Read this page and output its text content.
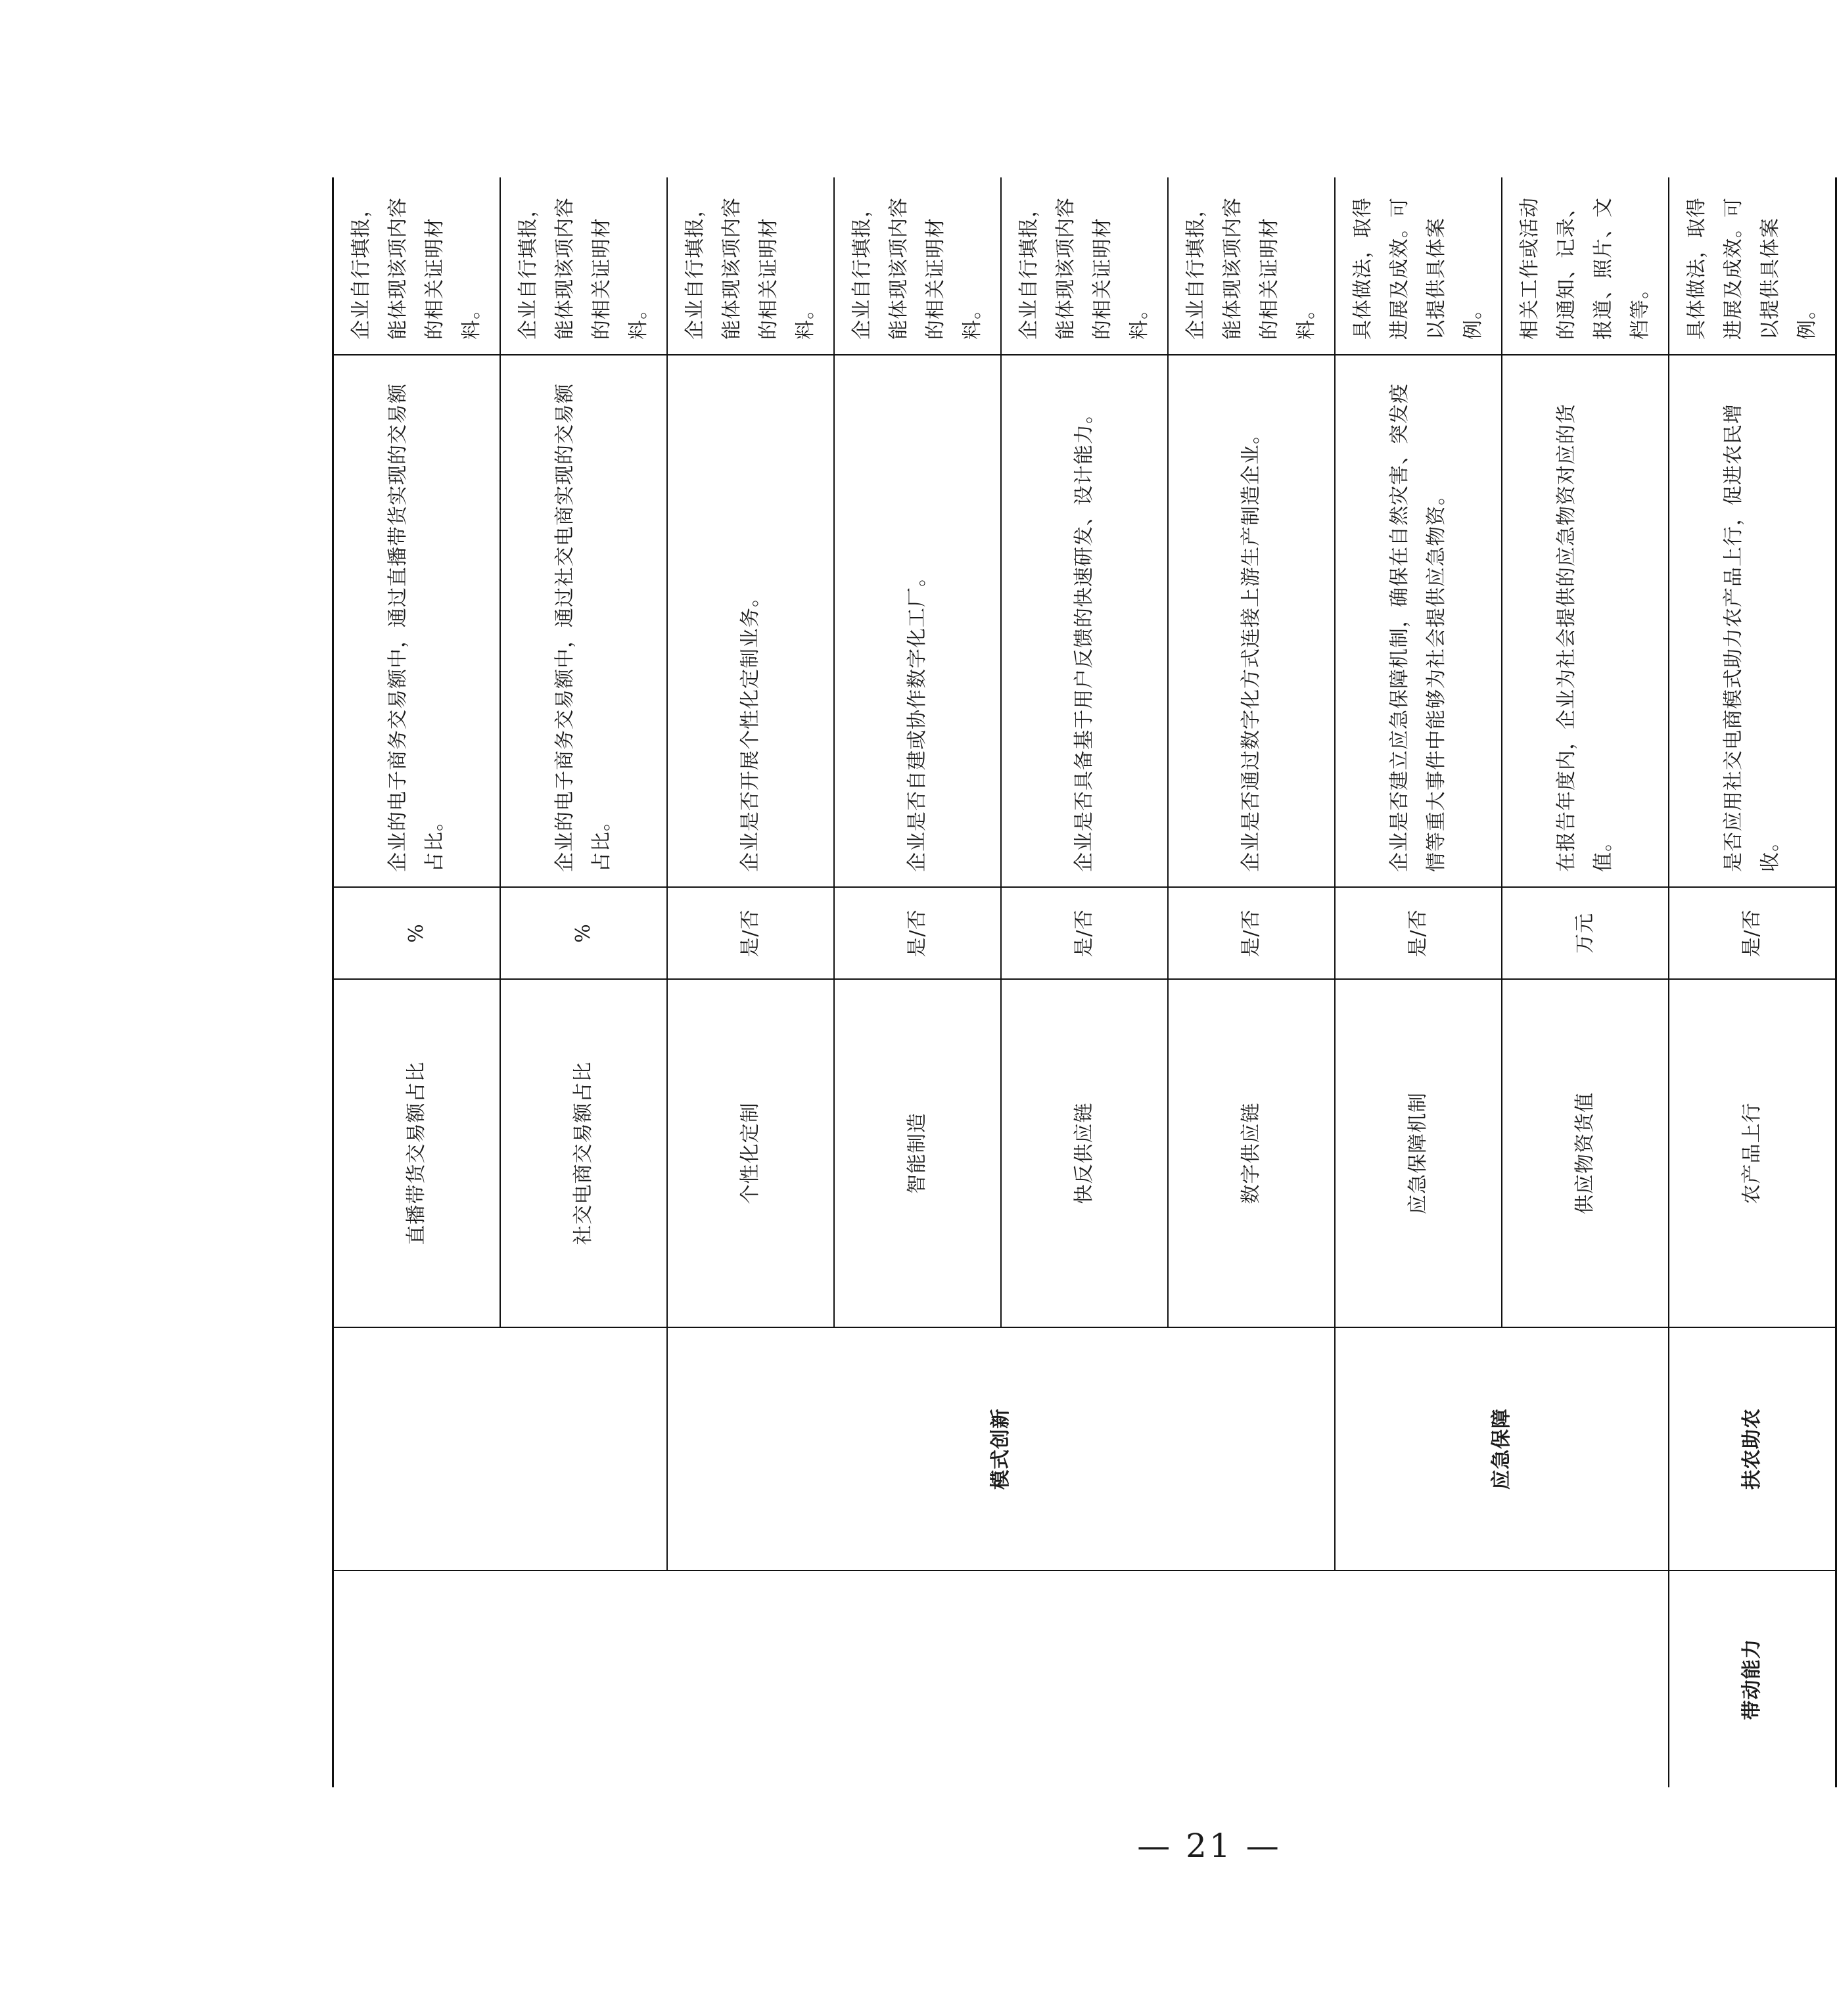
		直播带货交易额占比	%	企业的电子商务交易额中，通过直播带货实现的交易额占比。	企业自行填报，能体现该项内容的相关证明材料。
		社交电商交易额占比	%	企业的电子商务交易额中，通过社交电商实现的交易额占比。	企业自行填报，能体现该项内容的相关证明材料。
	模式创新	个性化定制	是/否	企业是否开展个性化定制业务。	企业自行填报，能体现该项内容的相关证明材料。
		智能制造	是/否	企业是否自建或协作数字化工厂。	企业自行填报，能体现该项内容的相关证明材料。
		快反供应链	是/否	企业是否具备基于用户反馈的快速研发、设计能力。	企业自行填报，能体现该项内容的相关证明材料。
		数字供应链	是/否	企业是否通过数字化方式连接上游生产制造企业。	企业自行填报，能体现该项内容的相关证明材料。
	应急保障	应急保障机制	是/否	企业是否建立应急保障机制，确保在自然灾害、突发疫情等重大事件中能够为社会提供应急物资。	具体做法，取得进展及成效。可以提供具体案例。
		供应物资货值	万元	在报告年度内，企业为社会提供的应急物资对应的货值。	相关工作或活动的通知、记录、报道、照片、文档等。
带动能力	扶农助农	农产品上行	是/否	是否应用社交电商模式助力农产品上行，促进农民增收。	具体做法，取得进展及成效。可以提供具体案例。
— 21 —
